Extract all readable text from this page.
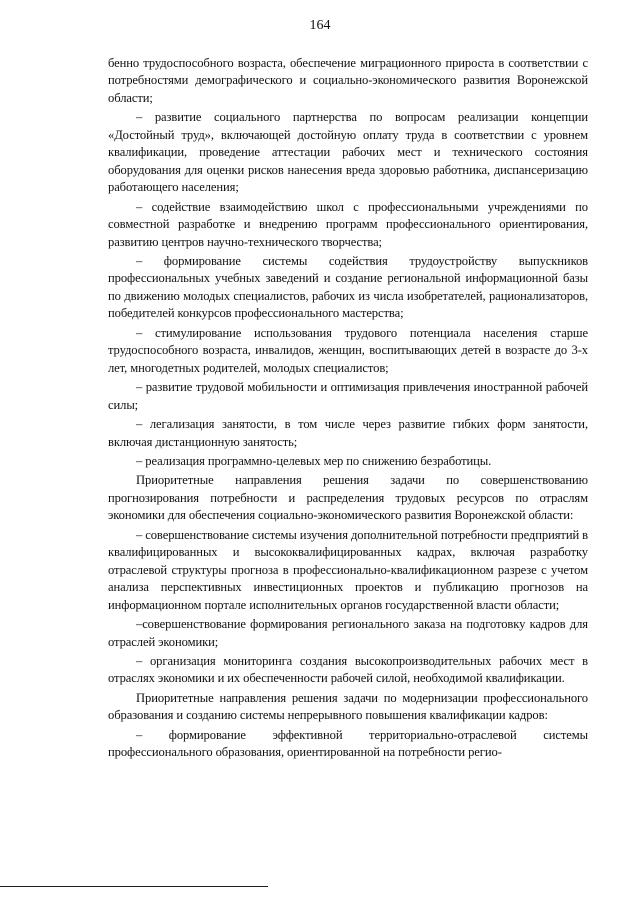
164

бенно трудоспособного возраста, обеспечение миграционного прироста в соответствии с потребностями демографического и социально-экономического развития Воронежской области;

– развитие социального партнерства по вопросам реализации концепции «Достойный труд», включающей достойную оплату труда в соответствии с уровнем квалификации, проведение аттестации рабочих мест и технического состояния оборудования для оценки рисков нанесения вреда здоровью работника, диспансеризацию работающего населения;

– содействие взаимодействию школ с профессиональными учреждениями по совместной разработке и внедрению программ профессионального ориентирования, развитию центров научно-технического творчества;

– формирование системы содействия трудоустройству выпускников профессиональных учебных заведений и создание региональной информационной базы по движению молодых специалистов, рабочих из числа изобретателей, рационализаторов, победителей конкурсов профессионального мастерства;

– стимулирование использования трудового потенциала населения старше трудоспособного возраста, инвалидов, женщин, воспитывающих детей в возрасте до 3-х лет, многодетных родителей, молодых специалистов;

– развитие трудовой мобильности и оптимизация привлечения иностранной рабочей силы;

– легализация занятости, в том числе через развитие гибких форм занятости, включая дистанционную занятость;

– реализация программно-целевых мер по снижению безработицы.

Приоритетные направления решения задачи по совершенствованию прогнозирования потребности и распределения трудовых ресурсов по отраслям экономики для обеспечения социально-экономического развития Воронежской области:

– совершенствование системы изучения дополнительной потребности предприятий в квалифицированных и высококвалифицированных кадрах, включая разработку отраслевой структуры прогноза в профессионально-квалификационном разрезе с учетом анализа перспективных инвестиционных проектов и публикацию прогнозов на информационном портале исполнительных органов государственной власти области;

–совершенствование формирования регионального заказа на подготовку кадров для отраслей экономики;

– организация мониторинга создания высокопроизводительных рабочих мест в отраслях экономики и их обеспеченности рабочей силой, необходимой квалификации.

Приоритетные направления решения задачи по модернизации профессионального образования и созданию системы непрерывного повышения квалификации кадров:

– формирование эффективной территориально-отраслевой системы профессионального образования, ориентированной на потребности регио-
